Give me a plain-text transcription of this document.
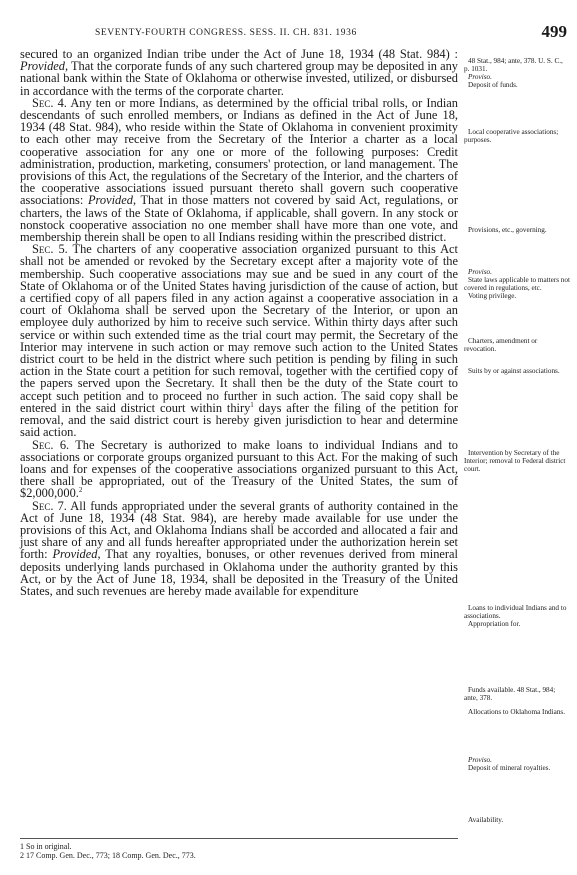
SEVENTY-FOURTH CONGRESS. SESS. II. CH. 831. 1936	499

secured to an organized Indian tribe under the Act of June 18, 1934 (48 Stat. 984) : Provided, That the corporate funds of any such chartered group may be deposited in any national bank within the State of Oklahoma or otherwise invested, utilized, or disbursed in accordance with the terms of the corporate charter.

Sec. 4. Any ten or more Indians, as determined by the official tribal rolls, or Indian descendants of such enrolled members, or Indians as defined in the Act of June 18, 1934 (48 Stat. 984), who reside within the State of Oklahoma in convenient proximity to each other may receive from the Secretary of the Interior a charter as a local cooperative association for any one or more of the following purposes: Credit administration, production, marketing, consumers' protection, or land management. The provisions of this Act, the regulations of the Secretary of the Interior, and the charters of the cooperative associations issued pursuant thereto shall govern such cooperative associations: Provided, That in those matters not covered by said Act, regulations, or charters, the laws of the State of Oklahoma, if applicable, shall govern. In any stock or nonstock cooperative association no one member shall have more than one vote, and membership therein shall be open to all Indians residing within the prescribed district.

Sec. 5. The charters of any cooperative association organized pursuant to this Act shall not be amended or revoked by the Secretary except after a majority vote of the membership. Such cooperative associations may sue and be sued in any court of the State of Oklahoma or of the United States having jurisdiction of the cause of action, but a certified copy of all papers filed in any action against a cooperative association in a court of Oklahoma shall be served upon the Secretary of the Interior, or upon an employee duly authorized by him to receive such service. Within thirty days after such service or within such extended time as the trial court may permit, the Secretary of the Interior may intervene in such action or may remove such action to the United States district court to be held in the district where such petition is pending by filing in such action in the State court a petition for such removal, together with the certified copy of the papers served upon the Secretary. It shall then be the duty of the State court to accept such petition and to proceed no further in such action. The said copy shall be entered in the said district court within thiry$^1$ days after the filing of the petition for removal, and the said district court is hereby given jurisdiction to hear and determine said action.

Sec. 6. The Secretary is authorized to make loans to individual Indians and to associations or corporate groups organized pursuant to this Act. For the making of such loans and for expenses of the cooperative associations organized pursuant to this Act, there shall be appropriated, out of the Treasury of the United States, the sum of $2,000,000.$^2$

Sec. 7. All funds appropriated under the several grants of authority contained in the Act of June 18, 1934 (48 Stat. 984), are hereby made available for use under the provisions of this Act, and Oklahoma Indians shall be accorded and allocated a fair and just share of any and all funds hereafter appropriated under the authorization herein set forth: Provided, That any royalties, bonuses, or other revenues derived from mineral deposits underlying lands purchased in Oklahoma under the authority granted by this Act, or by the Act of June 18, 1934, shall be deposited in the Treasury of the United States, and such revenues are hereby made available for expenditure

48 Stat., 984; ante, 378. U. S. C., p. 1031.
Proviso.
Deposit of funds.
Local cooperative associations; purposes.
Provisions, etc., governing.
Proviso.
State laws applicable to matters not covered in regulations, etc.
Voting privilege.
Charters, amendment or revocation.
Suits by or against associations.
Intervention by Secretary of the Interior; removal to Federal district court.
Loans to individual Indians and to associations.
Appropriation for.
Funds available. 48 Stat., 984; ante, 378.
Allocations to Oklahoma Indians.
Proviso.
Deposit of mineral royalties.
Availability.
1 So in original.
2 17 Comp. Gen. Dec., 773; 18 Comp. Gen. Dec., 773.
